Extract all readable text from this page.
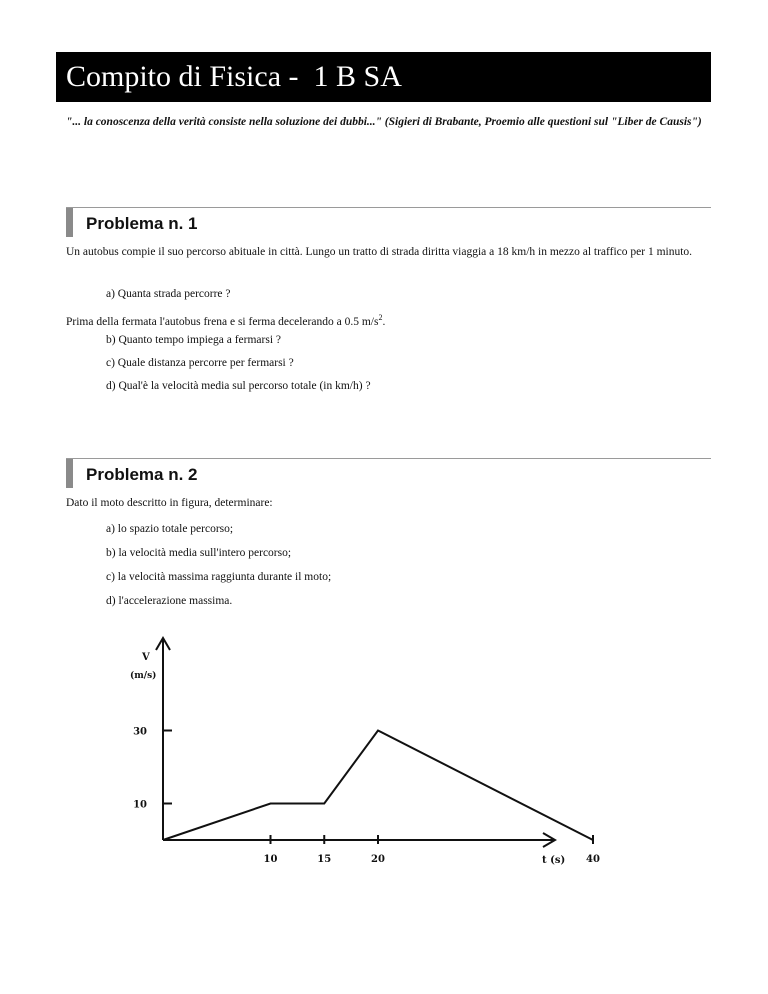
Compito di Fisica -  1 B SA
"... la conoscenza della verità consiste nella soluzione dei dubbi..." (Sigieri di Brabante, Proemio alle questioni sul "Liber de Causis")
Problema n. 1
Un autobus compie il suo percorso abituale in città. Lungo un tratto di strada diritta viaggia a 18 km/h in mezzo al traffico per 1 minuto.
a) Quanta strada percorre ?
Prima della fermata l'autobus frena e si ferma decelerando a 0.5 $m/s^2$.
b) Quanto tempo impiega a fermarsi ?
c) Quale distanza percorre per fermarsi ?
d) Qual'è la velocità media sul percorso totale (in km/h) ?
Problema n. 2
Dato il moto descritto in figura, determinare:
a) lo spazio totale percorso;
b) la velocità media sull'intero percorso;
c) la velocità massima raggiunta durante il moto;
d) l'accelerazione massima.
V
(m/s)
t (s)
10	15	20	40
10
30
